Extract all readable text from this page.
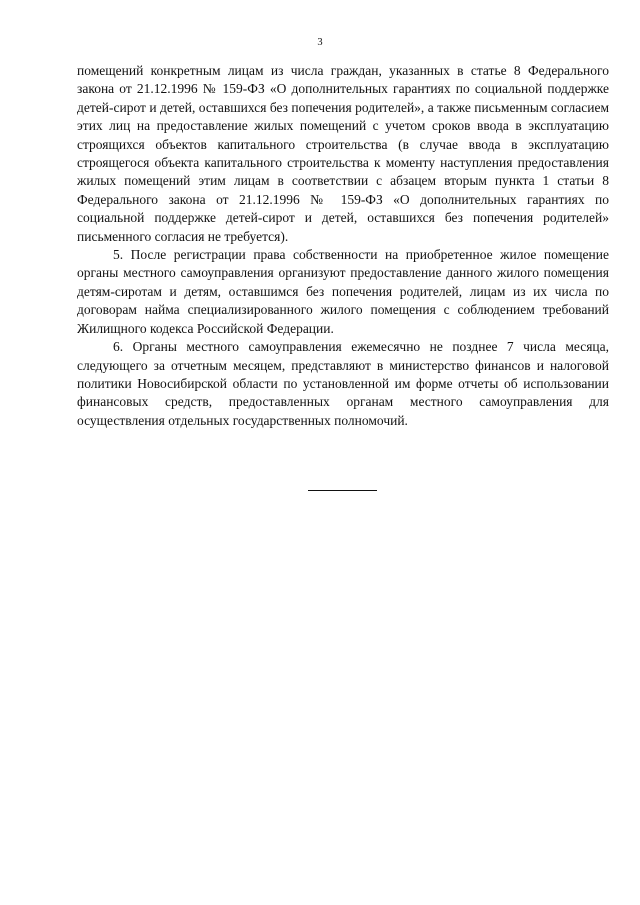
3

помещений конкретным лицам из числа граждан, указанных в статье 8 Федерального закона от 21.12.1996 № 159-ФЗ «О дополнительных гарантиях по социальной поддержке детей-сирот и детей, оставшихся без попечения родителей», а также письменным согласием этих лиц на предоставление жилых помещений с учетом сроков ввода в эксплуатацию строящихся объектов капитального строительства (в случае ввода в эксплуатацию строящегося объекта капитального строительства к моменту наступления предоставления жилых помещений этим лицам в соответствии с абзацем вторым пункта 1 статьи 8 Федерального закона от 21.12.1996 № 159-ФЗ «О дополнительных гарантиях по социальной поддержке детей-сирот и детей, оставшихся без попечения родителей» письменного согласия не требуется).

5. После регистрации права собственности на приобретенное жилое помещение органы местного самоуправления организуют предоставление данного жилого помещения детям-сиротам и детям, оставшимся без попечения родителей, лицам из их числа по договорам найма специализированного жилого помещения с соблюдением требований Жилищного кодекса Российской Федерации.

6. Органы местного самоуправления ежемесячно не позднее 7 числа месяца, следующего за отчетным месяцем, представляют в министерство финансов и налоговой политики Новосибирской области по установленной им форме отчеты об использовании финансовых средств, предоставленных органам местного самоуправления для осуществления отдельных государственных полномочий.
